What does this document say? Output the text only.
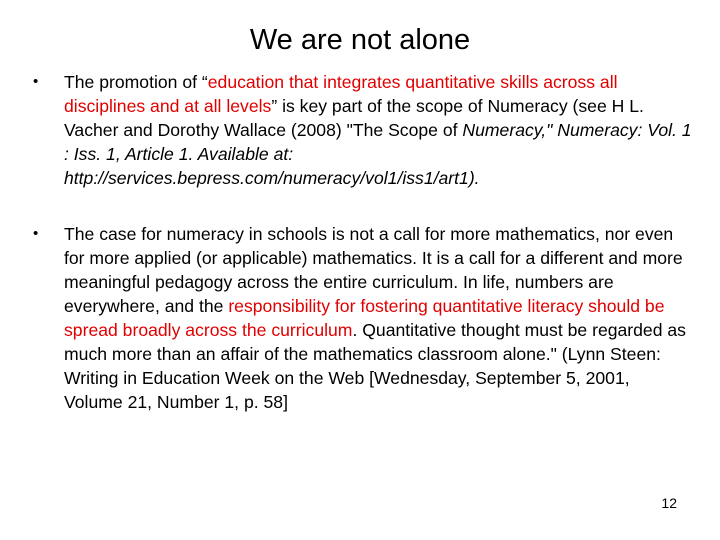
We are not alone
• The promotion of “education that integrates quantitative skills across all disciplines and at all levels” is key part of the scope of Numeracy (see H L. Vacher and Dorothy Wallace (2008) "The Scope of Numeracy," Numeracy: Vol. 1 : Iss. 1, Article 1. Available at: http://services.bepress.com/numeracy/vol1/iss1/art1).
• The case for numeracy in schools is not a call for more mathematics, nor even for more applied (or applicable) mathematics. It is a call for a different and more meaningful pedagogy across the entire curriculum. In life, numbers are everywhere, and the responsibility for fostering quantitative literacy should be spread broadly across the curriculum. Quantitative thought must be regarded as much more than an affair of the mathematics classroom alone." (Lynn Steen: Writing in Education Week on the Web [Wednesday, September 5, 2001, Volume 21, Number 1, p. 58]
12
